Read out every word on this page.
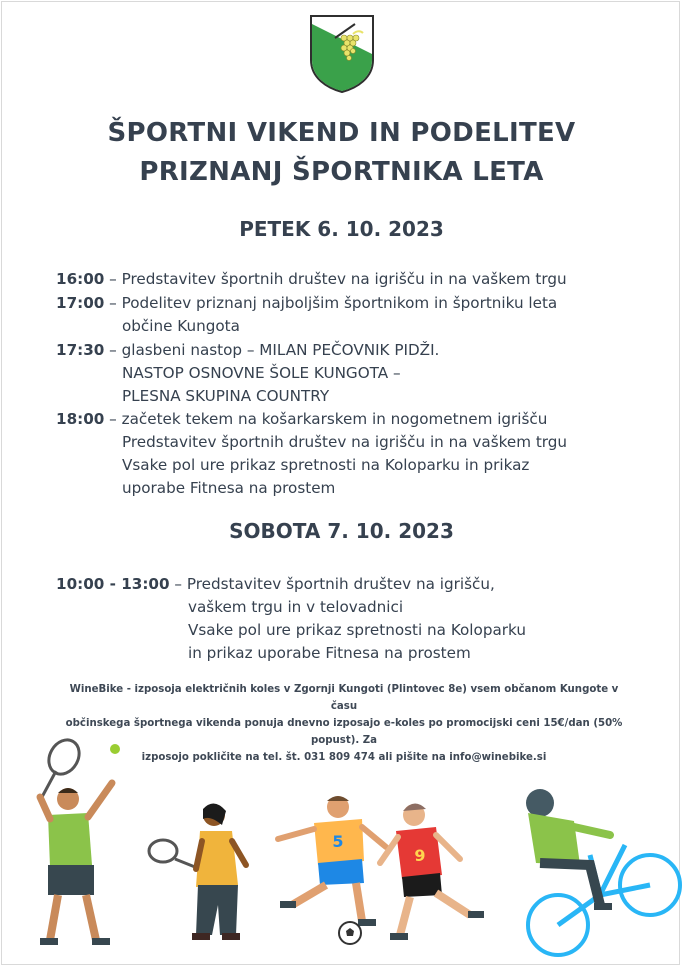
ŠPORTNI VIKEND IN PODELITEV
PRIZNANJ ŠPORTNIKA LETA
PETEK 6. 10. 2023
16:00 – Predstavitev športnih društev na igrišču in na vaškem trgu
17:00 – Podelitev priznanj najboljšim športnikom in športniku leta
občine Kungota
17:30 – glasbeni nastop – MILAN PEČOVNIK PIDŽI.
NASTOP OSNOVNE ŠOLE KUNGOTA –
PLESNA SKUPINA COUNTRY
18:00 – začetek tekem na košarkarskem in nogometnem igrišču
Predstavitev športnih društev na igrišču in na vaškem trgu
Vsake pol ure prikaz spretnosti na Koloparku in prikaz
uporabe Fitnesa na prostem
SOBOTA 7. 10. 2023
10:00 - 13:00 – Predstavitev športnih društev na igrišču,
vaškem trgu in v telovadnici
Vsake pol ure prikaz spretnosti na Koloparku
in prikaz uporabe Fitnesa na prostem

WineBike - izposoja električnih koles v Zgornji Kungoti (Plintovec 8e) vsem občanom Kungote v času

občinskega športnega vikenda ponuja dnevno izposajo e-koles po promocijski ceni 15€/dan (50% popust). Za

izposojo pokličite na tel. št. 031 809 474 ali pišite na info@winebike.si

5
9
